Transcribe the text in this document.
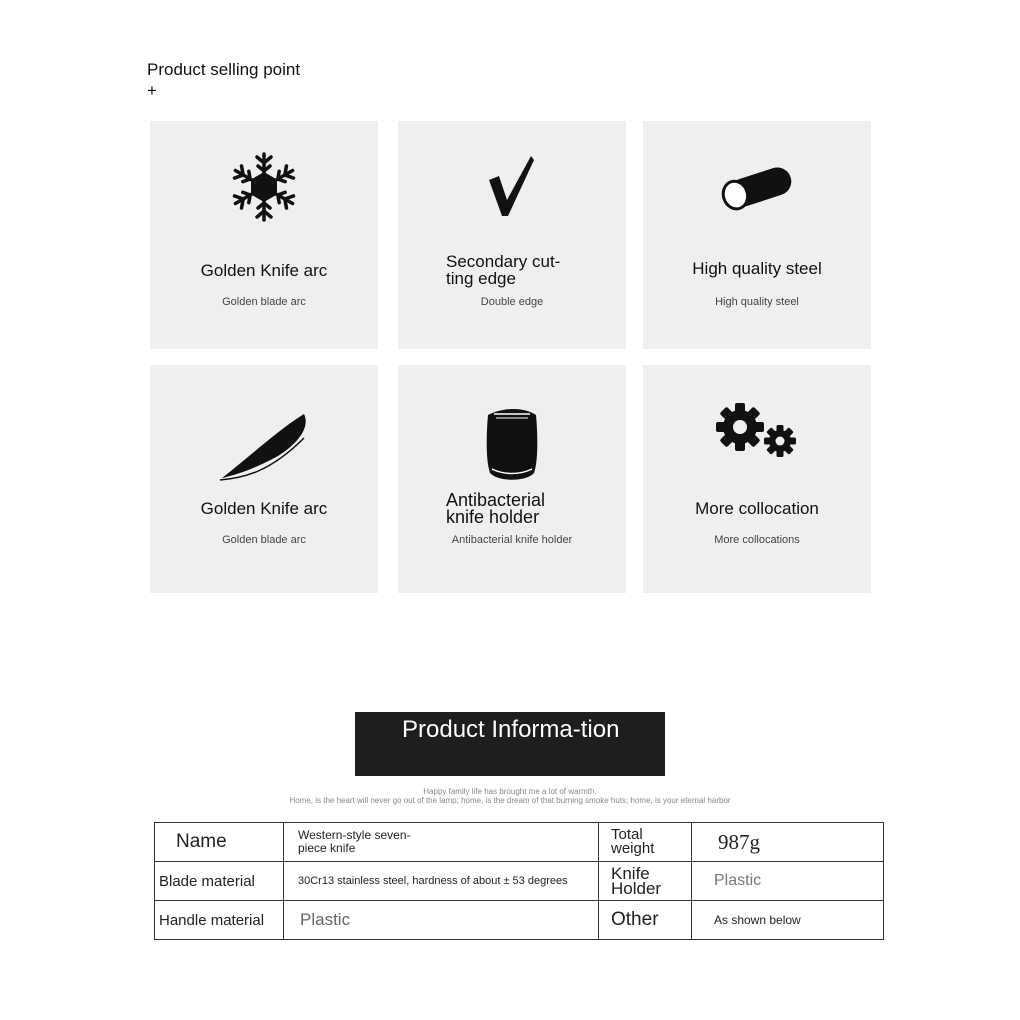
Product selling point +
Golden Knife arc
Golden blade arc
Secondary cut-ting edge
Double edge
High quality steel
High quality steel
Golden Knife arc
Golden blade arc
Antibacterial knife holder
Antibacterial knife holder
More collocation
More collocations
Product Informa-tion
Happy family life has brought me a lot of warmth.
Home, is the heart will never go out of the lamp; home, is the dream of that burning smoke huts; home, is your eternal harbor
Name	Western-style seven-piece knife	Total weight	987g
Blade material	30Cr13 stainless steel, hardness of about ± 53 degrees	Knife Holder	Plastic
Handle material	Plastic	Other	As shown below
